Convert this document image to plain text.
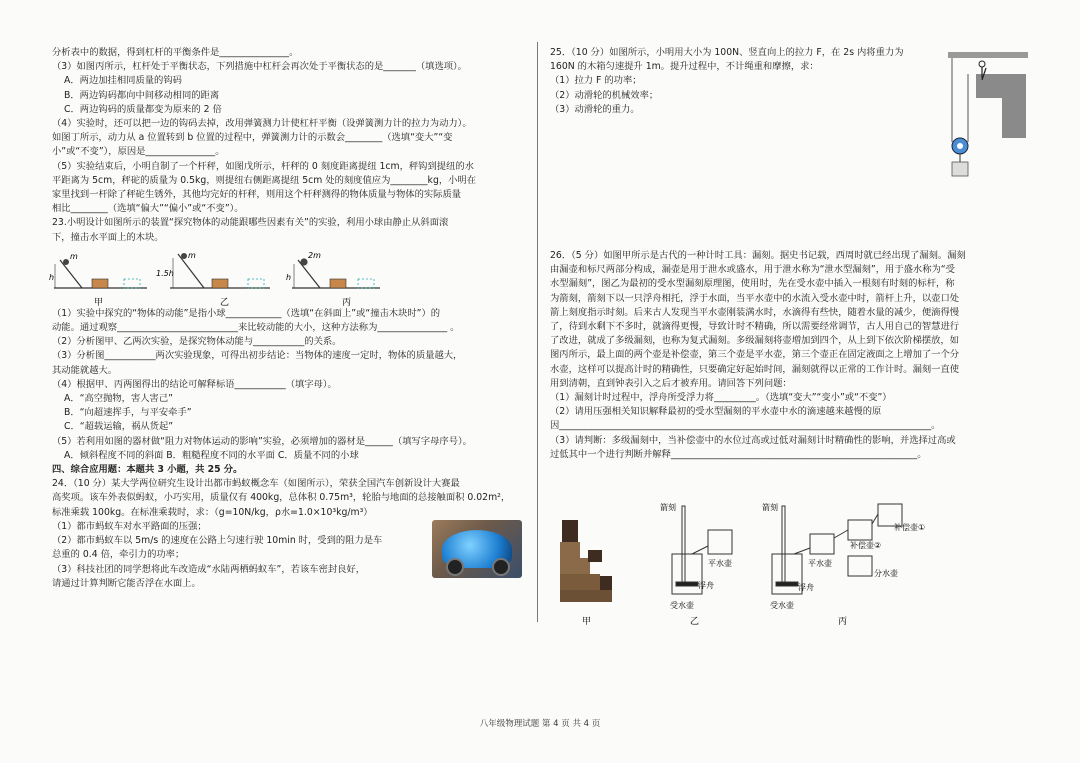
分析表中的数据，得到杠杆的平衡条件是_______________。
（3）如图丙所示，杠杆处于平衡状态，下列措施中杠杆会再次处于平衡状态的是_______（填选项）。
A．两边加挂相同质量的钩码
B．两边钩码都向中间移动相同的距离
C．两边钩码的质量都变为原来的 2 倍
（4）实验时，还可以把一边的钩码去掉，改用弹簧测力计使杠杆平衡（设弹簧测力计的拉力为动力）。
如图丁所示，动力从 a 位置转到 b 位置的过程中，弹簧测力计的示数会________（选填“变大”“变
小”或“不变”），原因是_______________。
（5）实验结束后，小明自制了一个杆秤，如图戊所示，杆秤的 0 刻度距离提纽 1cm，秤钩到提纽的水
平距离为 5cm，秤砣的质量为 0.5kg，则提纽右侧距离提纽 5cm 处的刻度值应为________kg，小明在
家里找到一杆除了秤砣生锈外，其他均完好的杆秤，则用这个杆秤测得的物体质量与物体的实际质量
相比________（选填“偏大”“偏小”或“不变”）。
23.小明设计如图所示的装置“探究物体的动能跟哪些因素有关”的实验，利用小球由静止从斜面滚
下，撞击水平面上的木块。
（1）实验中探究的“物体的动能”是指小球____________（选填“在斜面上”或“撞击木块时”）的
动能。通过观察__________________________来比较动能的大小，这种方法称为_______________ 。
（2）分析图甲、乙两次实验，是探究物体动能与___________的关系。
（3）分析图___________两次实验现象，可得出初步结论：当物体的速度一定时，物体的质量越大，
其动能就越大。
（4）根据甲、丙两图得出的结论可解释标语___________（填字母）。
A．“高空抛物，害人害己”
B．“向超速挥手，与平安牵手”
C．“超载运输，祸从货起”
（5）若利用如图的器材做“阻力对物体运动的影响”实验，必须增加的器材是______（填写字母序号）。
A．倾斜程度不同的斜面 B．粗糙程度不同的水平面 C．质量不同的小球
四、综合应用题：本题共 3 小题，共 25 分。
24．（10 分）某大学两位研究生设计出都市蚂蚁概念车（如图所示），荣获全国汽车创新设计大赛最
高奖项。该车外表似蚂蚁，小巧实用，质量仅有 400kg，总体积 0.75m³，轮胎与地面的总接触面积 0.02m²，
标准乘载 100kg。在标准乘载时，求：（g=10N/kg，ρ水=1.0×10³kg/m³）
（1）都市蚂蚁车对水平路面的压强；
（2）都市蚂蚁车以 5m/s 的速度在公路上匀速行驶 10min 时，受到的阻力是车
总重的 0.4 倍，牵引力的功率；
（3）科技社团的同学想将此车改造成“水陆两栖蚂蚁车”，若该车密封良好，
请通过计算判断它能否浮在水面上。
m
h
甲
m
1.5h
乙
2m
h
丙
25．（10 分）如图所示，小明用大小为 100N、竖直向上的拉力 F，在 2s 内将重力为
160N 的木箱匀速提升 1m。提升过程中，不计绳重和摩擦，求：
（1）拉力 F 的功率；
（2）动滑轮的机械效率；
（3）动滑轮的重力。
26．（5 分）如图甲所示是古代的一种计时工具：漏刻。据史书记载，西周时就已经出现了漏刻。漏刻
由漏壶和标尺两部分构成，漏壶是用于泄水或盛水，用于泄水称为“泄水型漏刻”，用于盛水称为“受
水型漏刻”，图乙为最初的受水型漏刻原理图，使用时，先在受水壶中插入一根刻有时刻的标杆，称
为箭刻，箭刻下以一只浮舟相托，浮于水面，当平水壶中的水流入受水壶中时，箭杆上升，以壶口处
箭上刻度指示时刻。后来古人发现当平水壶刚装满水时，水滴得有些快，随着水量的减少，便滴得慢
了，待到水剩下不多时，就滴得更慢，导致计时不精确，所以需要经常调节，古人用自己的智慧进行
了改进，就成了多级漏刻，也称为复式漏刻。多级漏刻将壶増加到四个，从上到下依次阶梯摆放，如
图丙所示，最上面的两个壶是补偿壶，第三个壶是平水壶，第三个壶正在固定液面之上增加了一个分
水壶，这样可以提高计时的精确性，只要确定好起始时间，漏刻就得以正常的工作计时。漏刻一直使
用到清朝，直到钟表引入之后才被弃用。请回答下列问题：
（1）漏刻计时过程中，浮舟所受浮力将_________。（选填“变大”“变小”或“不变”）
（2）请用压强相关知识解释最初的受水型漏刻的平水壶中水的滴速越来越慢的原
因________________________________________________________________________________。
（3）请判断：多级漏刻中，当补偿壶中的水位过高或过低对漏刻计时精确性的影响，并选择过高或
过低其中一个进行判断并解释_____________________________________________________。
甲
箭刻
平水壶
浮舟
受水壶
乙
箭刻
补偿壶①
补偿壶②
平水壶
分水壶
浮舟
受水壶
丙
八年级物理试题 第 4 页 共 4 页
